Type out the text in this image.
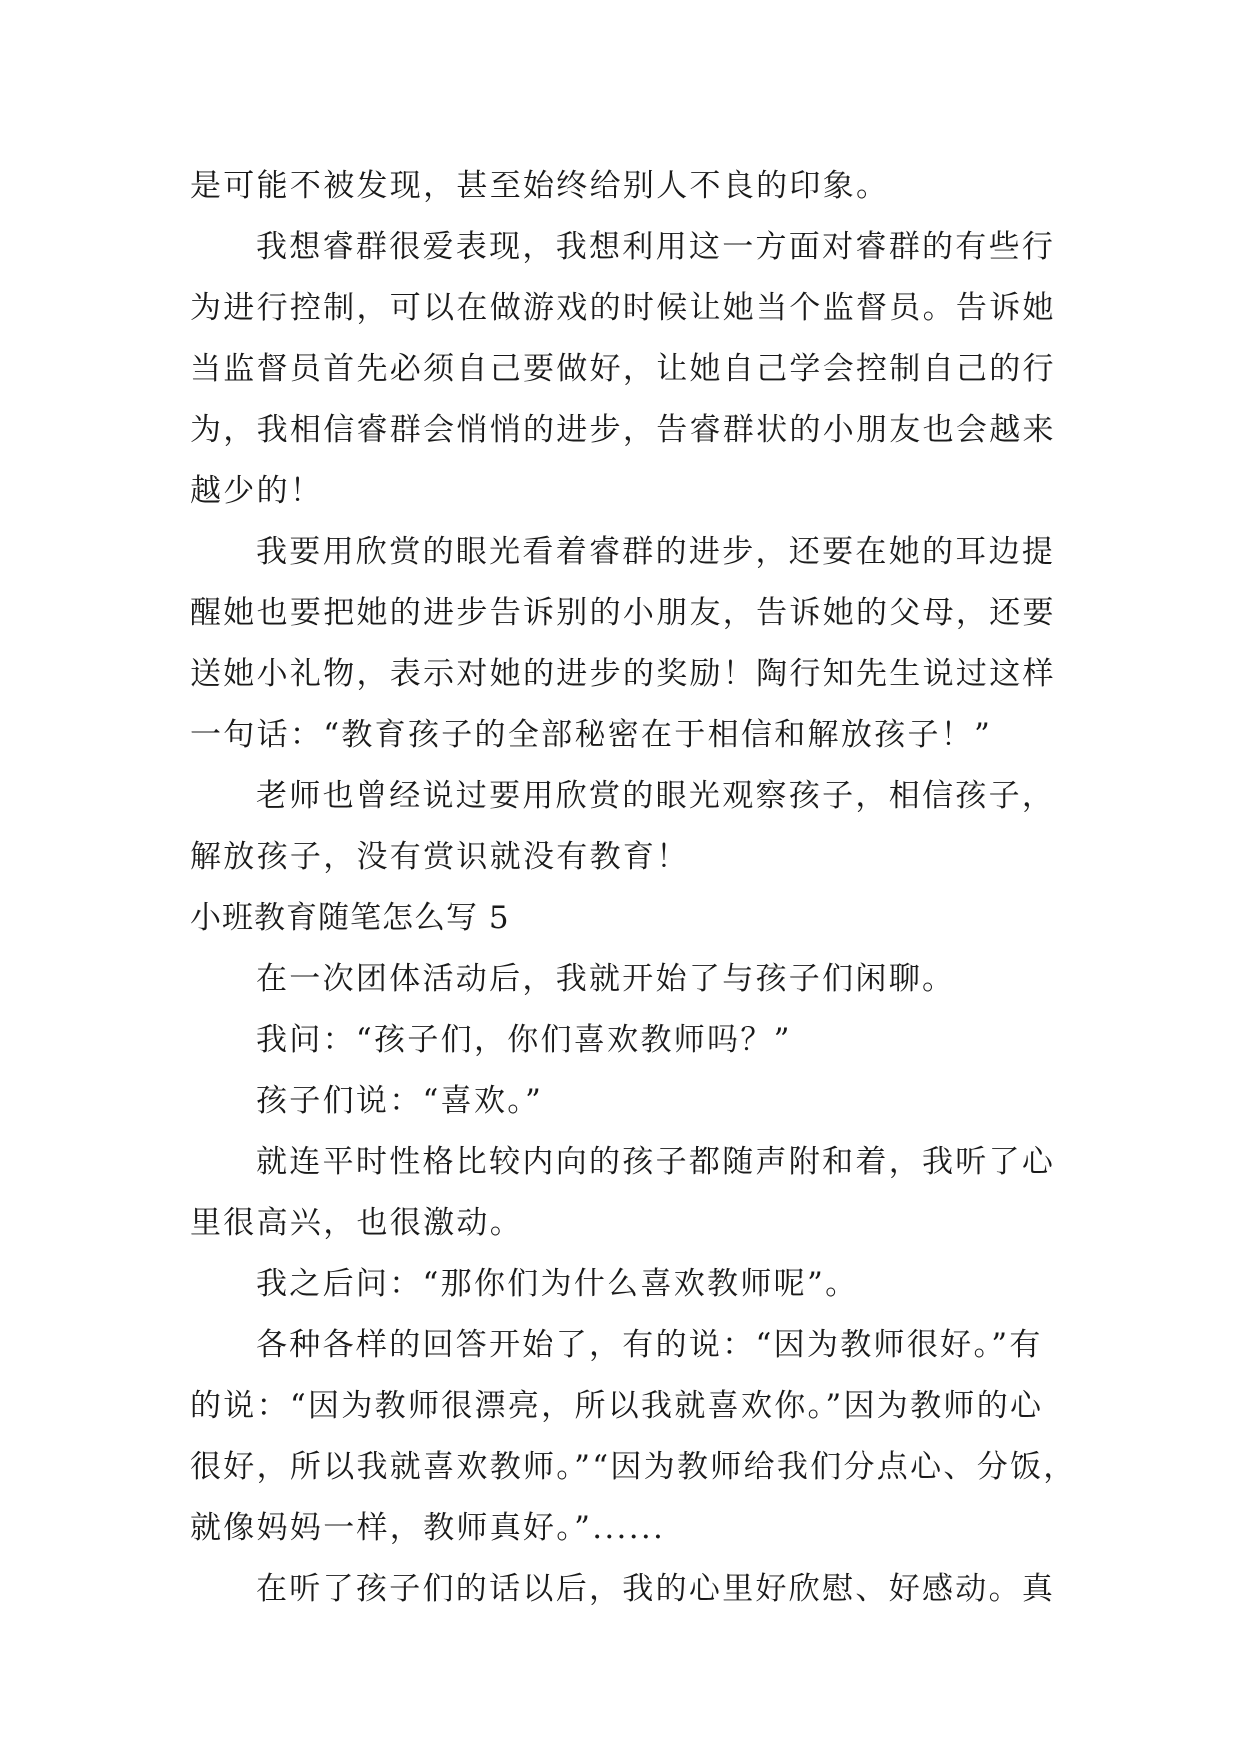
是可能不被发现，甚至始终给别人不良的印象。
我想睿群很爱表现，我想利用这一方面对睿群的有些行
为进行控制，可以在做游戏的时候让她当个监督员。告诉她
当监督员首先必须自己要做好，让她自己学会控制自己的行
为，我相信睿群会悄悄的进步，告睿群状的小朋友也会越来
越少的！
我要用欣赏的眼光看着睿群的进步，还要在她的耳边提
醒她也要把她的进步告诉别的小朋友，告诉她的父母，还要
送她小礼物，表示对她的进步的奖励！陶行知先生说过这样
一句话：“教育孩子的全部秘密在于相信和解放孩子！”
老师也曾经说过要用欣赏的眼光观察孩子，相信孩子，
解放孩子，没有赏识就没有教育！
小班教育随笔怎么写 5
在一次团体活动后，我就开始了与孩子们闲聊。
我问：“孩子们，你们喜欢教师吗？”
孩子们说：“喜欢。”
就连平时性格比较内向的孩子都随声附和着，我听了心
里很高兴，也很激动。
我之后问：“那你们为什么喜欢教师呢”。
各种各样的回答开始了，有的说：“因为教师很好。”有
的说：“因为教师很漂亮，所以我就喜欢你。”因为教师的心
很好，所以我就喜欢教师。”“因为教师给我们分点心、分饭，
就像妈妈一样，教师真好。”......
在听了孩子们的话以后，我的心里好欣慰、好感动。真
